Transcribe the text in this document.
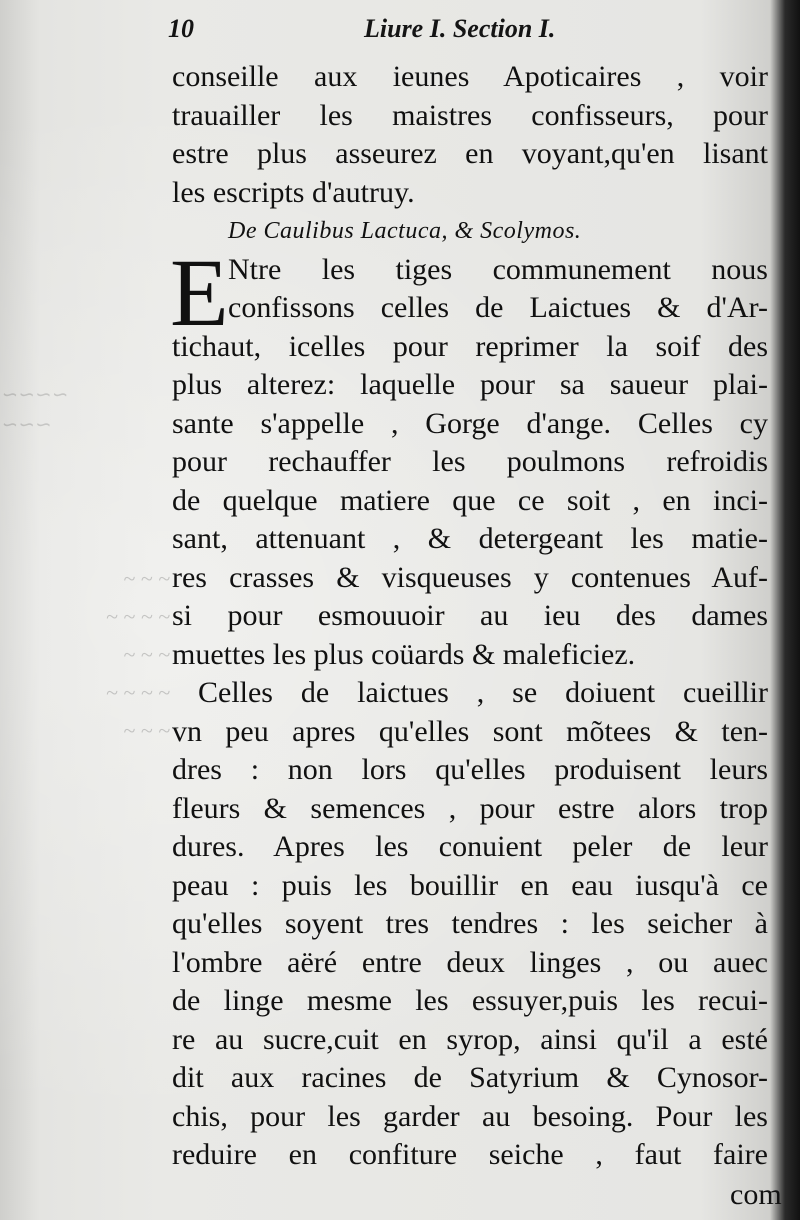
∽∽∽∽
∽∽∽
~ ~ ~
~ ~ ~ ~
~ ~ ~
~ ~ ~ ~
~ ~ ~
10	Liure I. Section I.
conseille aux ieunes Apoticaires , voir
trauailler les maistres confisseurs, pour
estre plus asseurez en voyant,qu'en lisant
les escripts d'autruy.
De Caulibus Lactuca, & Scolymos.
E Ntre les tiges communement nous
confissons celles de Laictues & d'Ar-
tichaut, icelles pour reprimer la soif des
plus alterez: laquelle pour sa saueur plai-
sante s'appelle , Gorge d'ange. Celles cy
pour rechauffer les poulmons refroidis
de quelque matiere que ce soit , en inci-
sant, attenuant , & detergeant les matie-
res crasses & visqueuses y contenues Auf-
si pour esmouuoir au ieu des dames
muettes les plus coüards & maleficiez.
Celles de laictues , se doiuent cueillir
vn peu apres qu'elles sont mõtees & ten-
dres : non lors qu'elles produisent leurs
fleurs & semences , pour estre alors trop
dures. Apres les conuient peler de leur
peau : puis les bouillir en eau iusqu'à ce
qu'elles soyent tres tendres : les seicher à
l'ombre aëré entre deux linges , ou auec
de linge mesme les essuyer,puis les recui-
re au sucre,cuit en syrop, ainsi qu'il a esté
dit aux racines de Satyrium & Cynosor-
chis, pour les garder au besoing. Pour les
reduire en confiture seiche , faut faire
com
